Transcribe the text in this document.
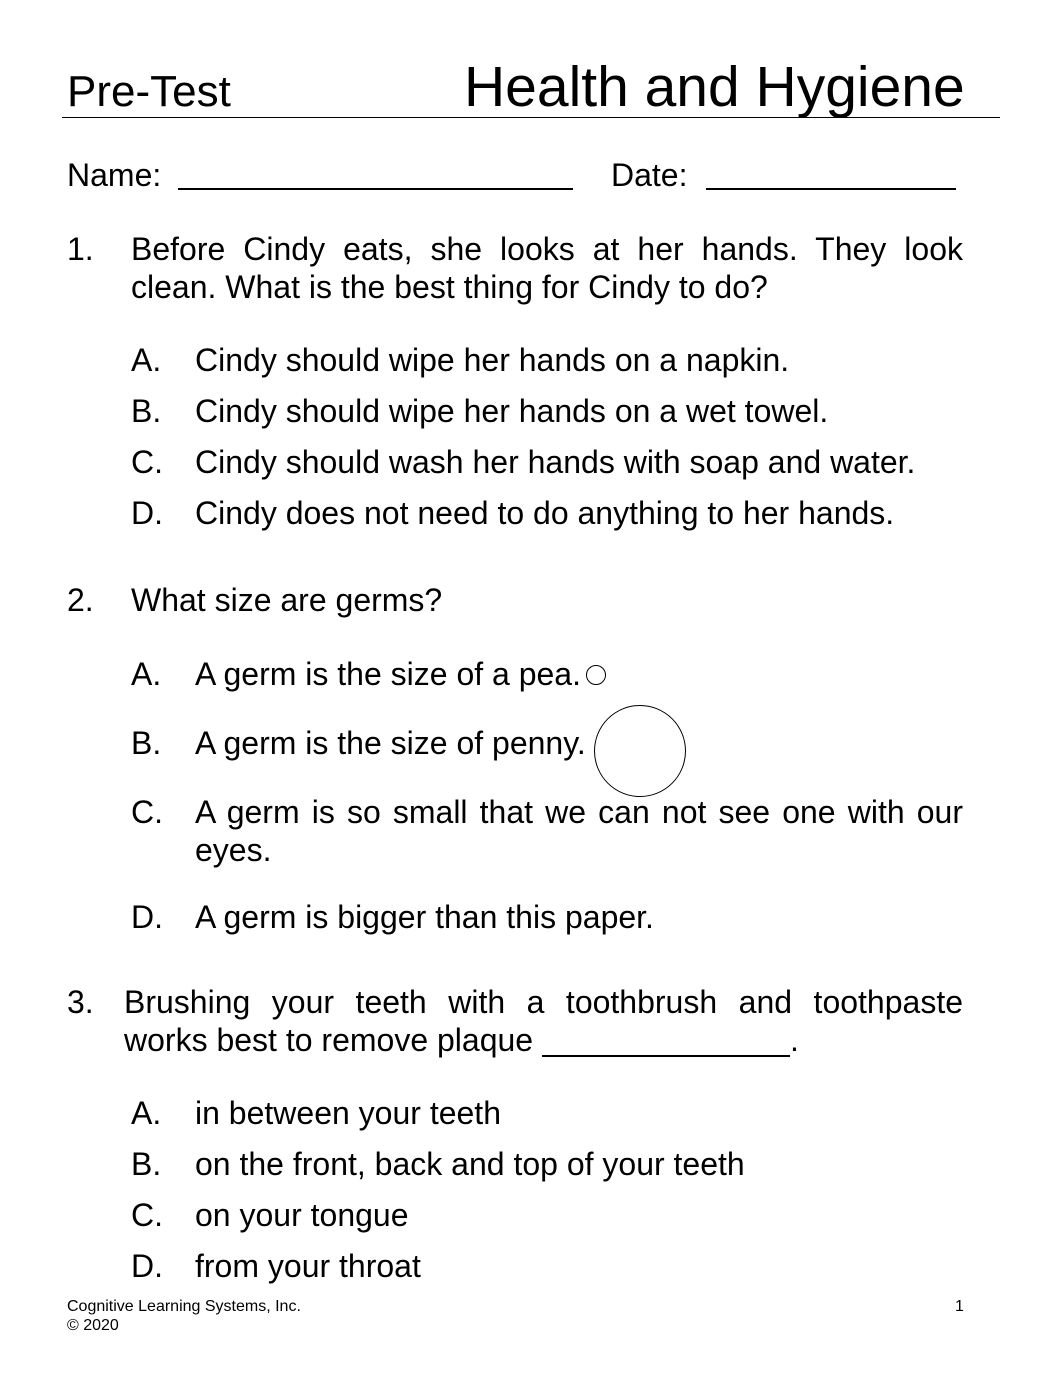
Pre-Test	Health and Hygiene
Name:	Date:
1. Before Cindy eats, she looks at her hands. They look clean. What is the best thing for Cindy to do?
A. Cindy should wipe her hands on a napkin.
B. Cindy should wipe her hands on a wet towel.
C. Cindy should wash her hands with soap and water.
D. Cindy does not need to do anything to her hands.
2. What size are germs?
A. A germ is the size of a pea.
B. A germ is the size of penny.
C. A germ is so small that we can not see one with our eyes.
D. A germ is bigger than this paper.
3. Brushing your teeth with a toothbrush and toothpaste works best to remove plaque	.
A. in between your teeth
B. on the front, back and top of your teeth
C. on your tongue
D. from your throat
Cognitive Learning Systems, Inc.
© 2020
1
